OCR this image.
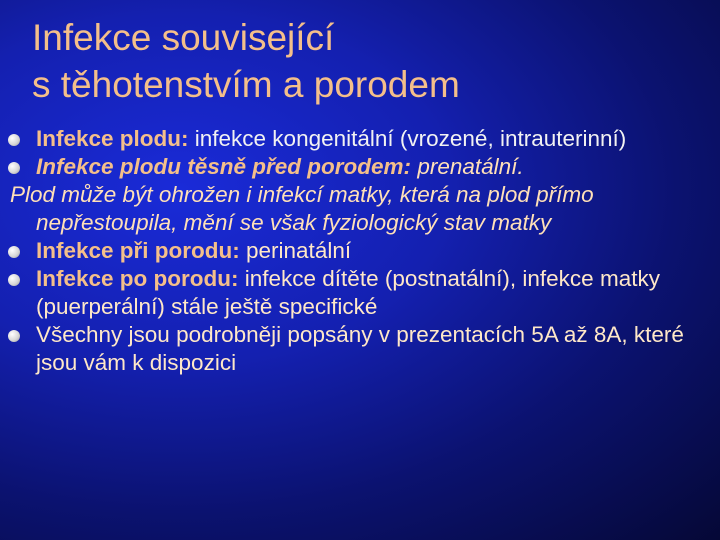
Infekce související
s těhotenstvím a porodem
Infekce plodu: infekce kongenitální (vrozené, intrauterinní)
Infekce plodu těsně před porodem: prenatální.
Plod může být ohrožen i infekcí matky, která na plod přímo nepřestoupila, mění se však fyziologický stav matky
Infekce při porodu: perinatální
Infekce po porodu: infekce dítěte (postnatální), infekce matky (puerperální) stále ještě specifické
Všechny jsou podrobněji popsány v prezentacích 5A až 8A, které jsou vám k dispozici
